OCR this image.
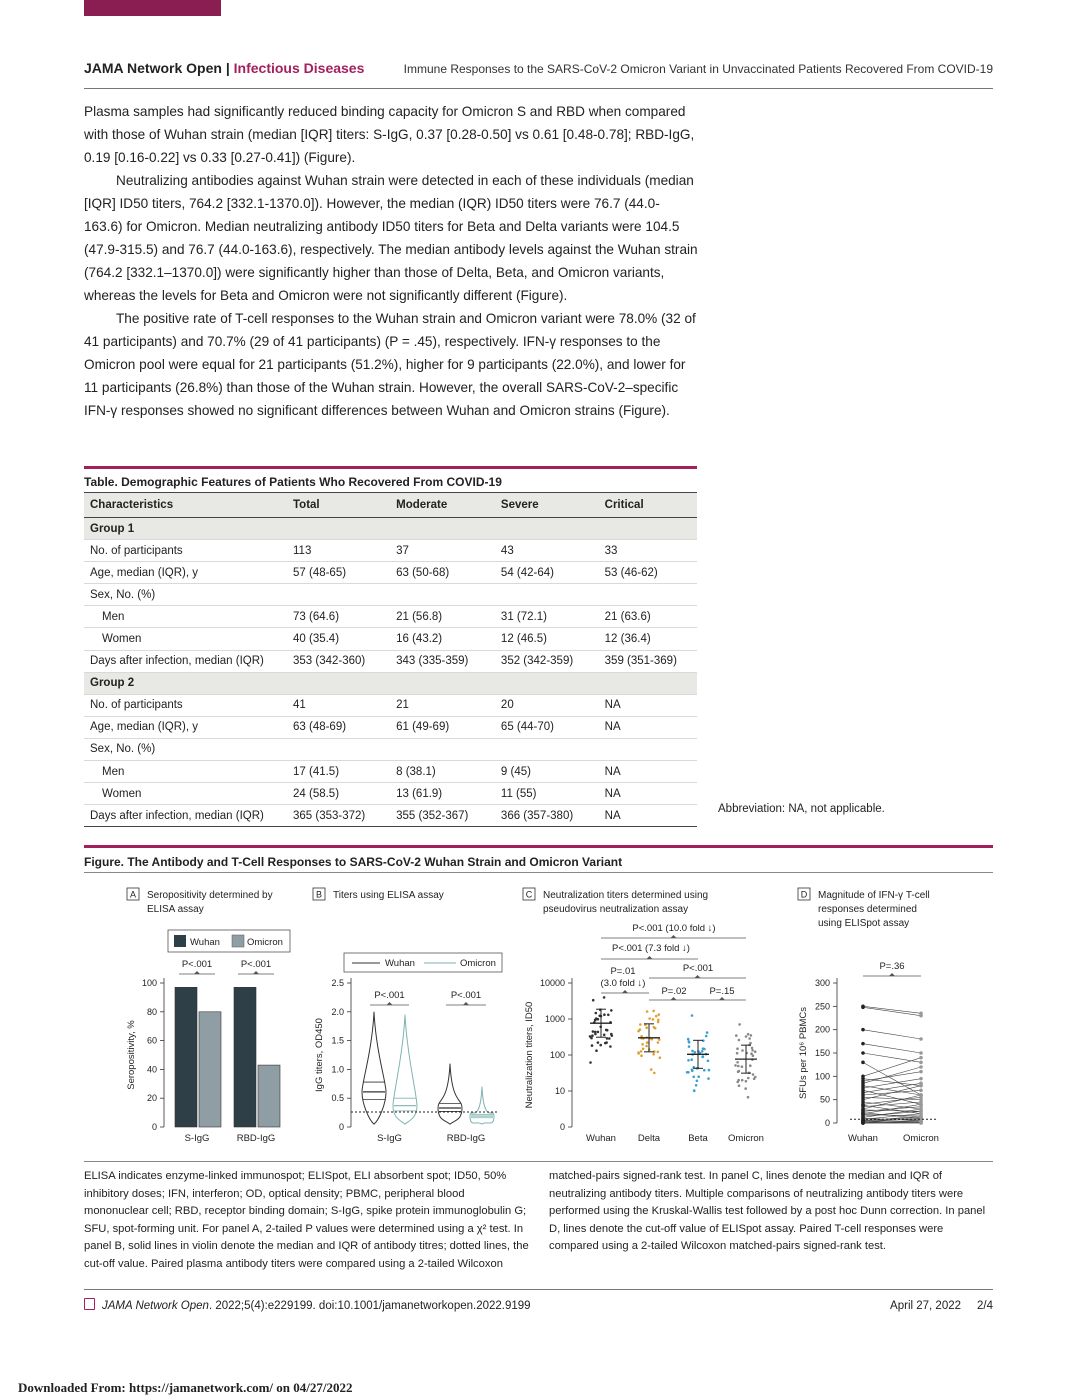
JAMA Network Open | Infectious Diseases	Immune Responses to the SARS-CoV-2 Omicron Variant in Unvaccinated Patients Recovered From COVID-19

Plasma samples had significantly reduced binding capacity for Omicron S and RBD when compared with those of Wuhan strain (median [IQR] titers: S-IgG, 0.37 [0.28-0.50] vs 0.61 [0.48-0.78]; RBD-IgG, 0.19 [0.16-0.22] vs 0.33 [0.27-0.41]) (Figure).

Neutralizing antibodies against Wuhan strain were detected in each of these individuals (median [IQR] ID50 titers, 764.2 [332.1-1370.0]). However, the median (IQR) ID50 titers were 76.7 (44.0-163.6) for Omicron. Median neutralizing antibody ID50 titers for Beta and Delta variants were 104.5 (47.9-315.5) and 76.7 (44.0-163.6), respectively. The median antibody levels against the Wuhan strain (764.2 [332.1–1370.0]) were significantly higher than those of Delta, Beta, and Omicron variants, whereas the levels for Beta and Omicron were not significantly different (Figure).

The positive rate of T-cell responses to the Wuhan strain and Omicron variant were 78.0% (32 of 41 participants) and 70.7% (29 of 41 participants) (P = .45), respectively. IFN-γ responses to the Omicron pool were equal for 21 participants (51.2%), higher for 9 participants (22.0%), and lower for 11 participants (26.8%) than those of the Wuhan strain. However, the overall SARS-CoV-2–specific IFN-γ responses showed no significant differences between Wuhan and Omicron strains (Figure).

Table. Demographic Features of Patients Who Recovered From COVID-19
Characteristics	Total	Moderate	Severe	Critical
Group 1				
No. of participants	113	37	43	33
Age, median (IQR), y	57 (48-65)	63 (50-68)	54 (42-64)	53 (46-62)
Sex, No. (%)				
Men	73 (64.6)	21 (56.8)	31 (72.1)	21 (63.6)
Women	40 (35.4)	16 (43.2)	12 (46.5)	12 (36.4)
Days after infection, median (IQR)	353 (342-360)	343 (335-359)	352 (342-359)	359 (351-369)
Group 2				
No. of participants	41	21	20	NA
Age, median (IQR), y	63 (48-69)	61 (49-69)	65 (44-70)	NA
Sex, No. (%)				
Men	17 (41.5)	8 (38.1)	9 (45)	NA
Women	24 (58.5)	13 (61.9)	11 (55)	NA
Days after infection, median (IQR)	365 (353-372)	355 (352-367)	366 (357-380)	NA
Abbreviation: NA, not applicable.
Figure. The Antibody and T-Cell Responses to SARS-CoV-2 Wuhan Strain and Omicron Variant
A Seropositivity determined by
ELISA assay
Wuhan	Omicron
0
20
40
60
80
100
Seropositivity, %
S-IgG
P<.001
RBD-IgG
P<.001
B Titers using ELISA assay
Wuhan	Omicron
0
0.5
1.0
1.5
2.0
2.5
IgG titers, OD450
S-IgG
P<.001
RBD-IgG
P<.001
C Neutralization titers determined using
pseudovirus neutralization assay
0
10
100
1000
10000
Neutralization titers, ID50
Wuhan Delta	Beta Omicron
P<.001 (10.0 fold ↓)
P<.001 (7.3 fold ↓)
P=.01
(3.0 fold ↓)
P<.001
P=.02 P=.15
D Magnitude of IFN-γ T-cell
responses determined
using ELISpot assay
0
50
100
150
200
250
300
SFUs per 10⁶ PBMCs
Wuhan	Omicron
P=.36
ELISA indicates enzyme-linked immunospot; ELISpot, ELI absorbent spot; ID50, 50% inhibitory doses; IFN, interferon; OD, optical density; PBMC, peripheral blood mononuclear cell; RBD, receptor binding domain; S-IgG, spike protein immunoglobulin G; SFU, spot-forming unit. For panel A, 2-tailed P values were determined using a χ² test. In panel B, solid lines in violin denote the median and IQR of antibody titres; dotted lines, the cut-off value. Paired plasma antibody titers were compared using a 2-tailed Wilcoxon
matched-pairs signed-rank test. In panel C, lines denote the median and IQR of neutralizing antibody titers. Multiple comparisons of neutralizing antibody titers were performed using the Kruskal-Wallis test followed by a post hoc Dunn correction. In panel D, lines denote the cut-off value of ELISpot assay. Paired T-cell responses were compared using a 2-tailed Wilcoxon matched-pairs signed-rank test.
JAMA Network Open. 2022;5(4):e229199. doi:10.1001/jamanetworkopen.2022.9199	April 27, 2022 2/4
Downloaded From: https://jamanetwork.com/ on 04/27/2022
